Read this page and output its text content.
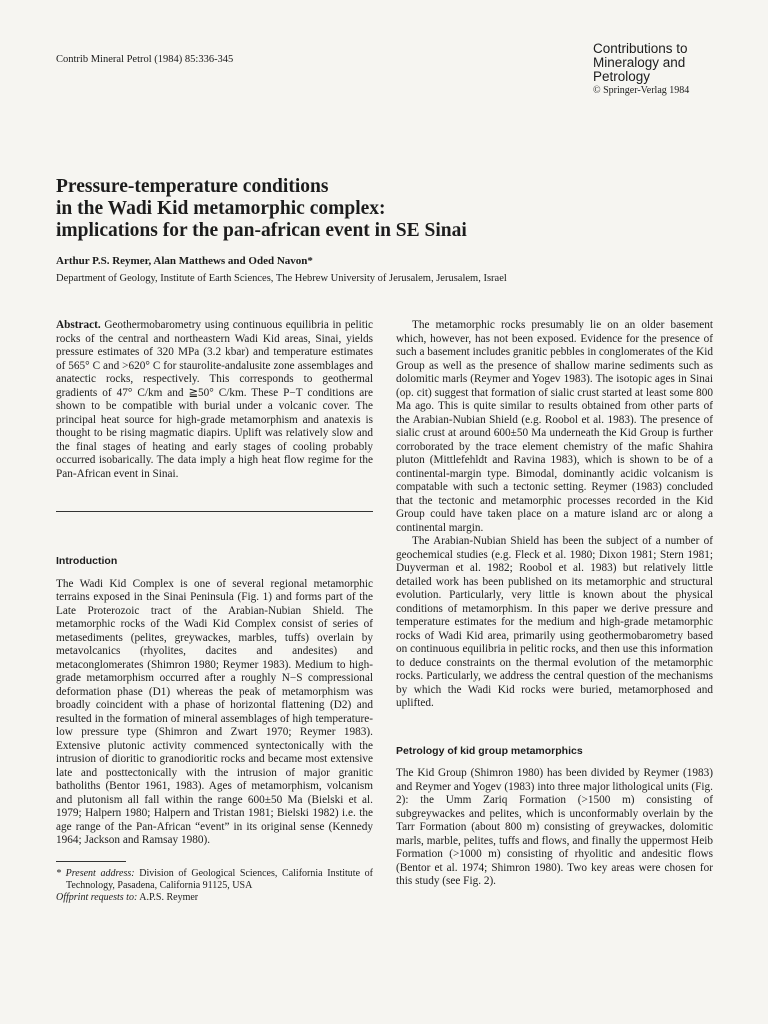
Contrib Mineral Petrol (1984) 85:336-345
Contributions to
Mineralogy and
Petrology
© Springer-Verlag 1984
Pressure-temperature conditions
in the Wadi Kid metamorphic complex:
implications for the pan-african event in SE Sinai
Arthur P.S. Reymer, Alan Matthews and Oded Navon*
Department of Geology, Institute of Earth Sciences, The Hebrew University of Jerusalem, Jerusalem, Israel

Abstract. Geothermobarometry using continuous equilibria in pelitic rocks of the central and northeastern Wadi Kid areas, Sinai, yields pressure estimates of 320 MPa (3.2 kbar) and temperature estimates of 565° C and >620° C for staurolite-andalusite zone assemblages and anatectic rocks, respectively. This corresponds to geothermal gradients of 47° C/km and ≧50° C/km. These P−T conditions are shown to be compatible with burial under a volcanic cover. The principal heat source for high-grade metamorphism and anatexis is thought to be rising magmatic diapirs. Uplift was relatively slow and the final stages of heating and early stages of cooling probably occurred isobarically. The data imply a high heat flow regime for the Pan-African event in Sinai.

Introduction

The Wadi Kid Complex is one of several regional metamorphic terrains exposed in the Sinai Peninsula (Fig. 1) and forms part of the Late Proterozoic tract of the Arabian-Nubian Shield. The metamorphic rocks of the Wadi Kid Complex consist of series of metasediments (pelites, greywackes, marbles, tuffs) overlain by metavolcanics (rhyolites, dacites and andesites) and metaconglomerates (Shimron 1980; Reymer 1983). Medium to high-grade metamorphism occurred after a roughly N−S compressional deformation phase (D1) whereas the peak of metamorphism was broadly coincident with a phase of horizontal flattening (D2) and resulted in the formation of mineral assemblages of high temperature-low pressure type (Shimron and Zwart 1970; Reymer 1983). Extensive plutonic activity commenced syntectonically with the intrusion of dioritic to granodioritic rocks and became most extensive late and posttectonically with the intrusion of major granitic batholiths (Bentor 1961, 1983). Ages of metamorphism, volcanism and plutonism all fall within the range 600±50 Ma (Bielski et al. 1979; Halpern 1980; Halpern and Tristan 1981; Bielski 1982) i.e. the age range of the Pan-African “event” in its original sense (Kennedy 1964; Jackson and Ramsay 1980).

* Present address: Division of Geological Sciences, California Institute of Technology, Pasadena, California 91125, USA

Offprint requests to: A.P.S. Reymer

The metamorphic rocks presumably lie on an older basement which, however, has not been exposed. Evidence for the presence of such a basement includes granitic pebbles in conglomerates of the Kid Group as well as the presence of shallow marine sediments such as dolomitic marls (Reymer and Yogev 1983). The isotopic ages in Sinai (op. cit) suggest that formation of sialic crust started at least some 800 Ma ago. This is quite similar to results obtained from other parts of the Arabian-Nubian Shield (e.g. Roobol et al. 1983). The presence of sialic crust at around 600±50 Ma underneath the Kid Group is further corroborated by the trace element chemistry of the mafic Shahira pluton (Mittlefehldt and Ravina 1983), which is shown to be of a continental-margin type. Bimodal, dominantly acidic volcanism is compatable with such a tectonic setting. Reymer (1983) concluded that the tectonic and metamorphic processes recorded in the Kid Group could have taken place on a mature island arc or along a continental margin.

The Arabian-Nubian Shield has been the subject of a number of geochemical studies (e.g. Fleck et al. 1980; Dixon 1981; Stern 1981; Duyverman et al. 1982; Roobol et al. 1983) but relatively little detailed work has been published on its metamorphic and structural evolution. Particularly, very little is known about the physical conditions of metamorphism. In this paper we derive pressure and temperature estimates for the medium and high-grade metamorphic rocks of Wadi Kid area, primarily using geothermobarometry based on continuous equilibria in pelitic rocks, and then use this information to deduce constraints on the thermal evolution of the metamorphic rocks. Particularly, we address the central question of the mechanisms by which the Wadi Kid rocks were buried, metamorphosed and uplifted.

Petrology of kid group metamorphics

The Kid Group (Shimron 1980) has been divided by Reymer (1983) and Reymer and Yogev (1983) into three major lithological units (Fig. 2): the Umm Zariq Formation (>1500 m) consisting of subgreywackes and pelites, which is unconformably overlain by the Tarr Formation (about 800 m) consisting of greywackes, dolomitic marls, marble, pelites, tuffs and flows, and finally the uppermost Heib Formation (>1000 m) consisting of rhyolitic and andesitic flows (Bentor et al. 1974; Shimron 1980). Two key areas were chosen for this study (see Fig. 2).
